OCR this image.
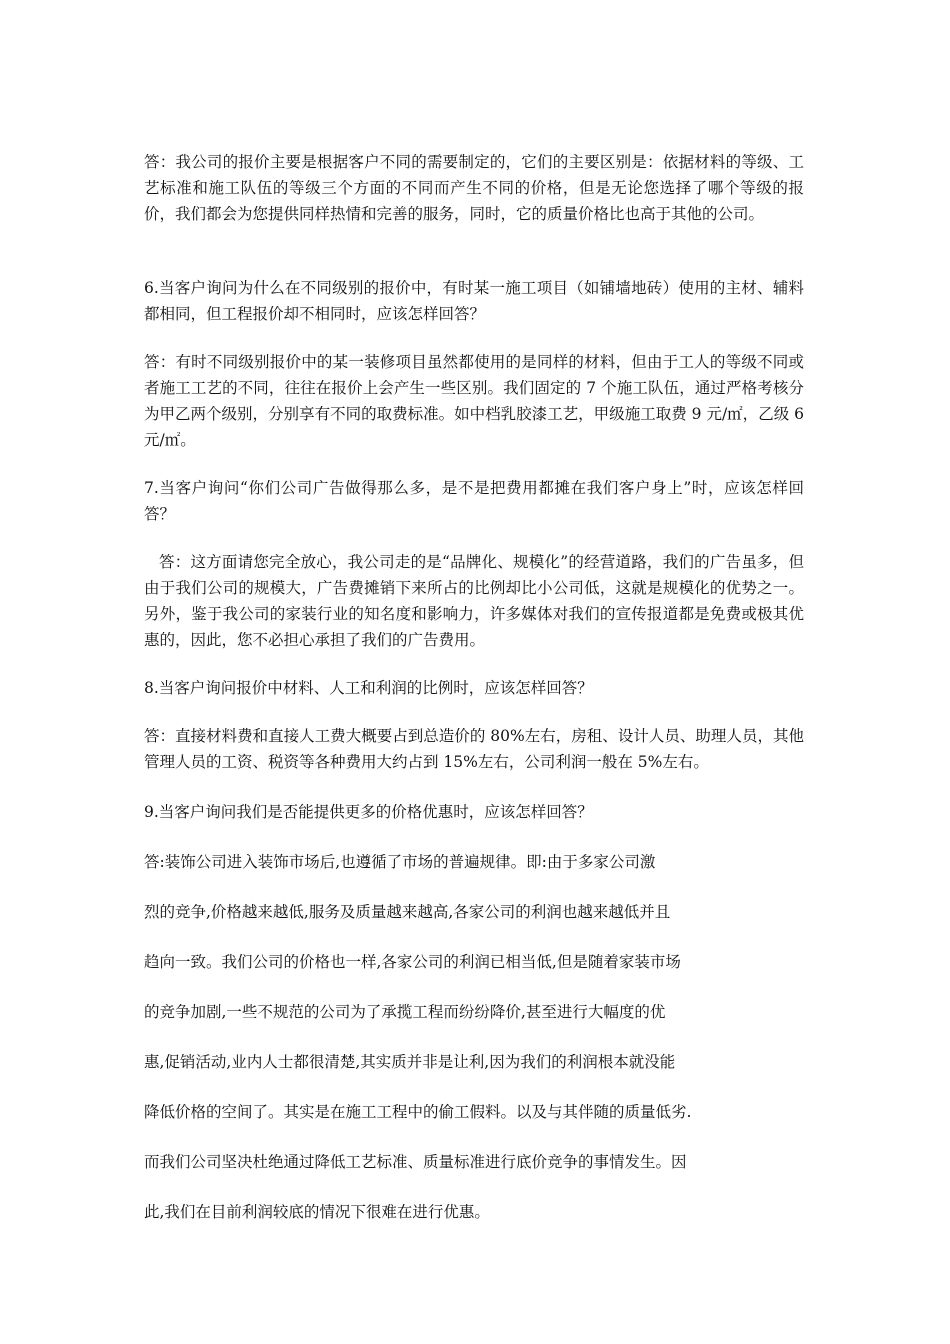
答：我公司的报价主要是根据客户不同的需要制定的，它们的主要区别是：依据材料的等级、工艺标准和施工队伍的等级三个方面的不同而产生不同的价格，但是无论您选择了哪个等级的报价，我们都会为您提供同样热情和完善的服务，同时，它的质量价格比也高于其他的公司。

6.当客户询问为什么在不同级别的报价中，有时某一施工项目（如铺墙地砖）使用的主材、辅料都相同，但工程报价却不相同时，应该怎样回答？

答：有时不同级别报价中的某一装修项目虽然都使用的是同样的材料，但由于工人的等级不同或者施工工艺的不同，往往在报价上会产生一些区别。我们固定的 7 个施工队伍，通过严格考核分为甲乙两个级别，分别享有不同的取费标准。如中档乳胶漆工艺，甲级施工取费 9 元/㎡，乙级 6 元/㎡。

7.当客户询问“你们公司广告做得那么多，是不是把费用都摊在我们客户身上”时，应该怎样回答？

答：这方面请您完全放心，我公司走的是“品牌化、规模化”的经营道路，我们的广告虽多，但由于我们公司的规模大，广告费摊销下来所占的比例却比小公司低，这就是规模化的优势之一。另外，鉴于我公司的家装行业的知名度和影响力，许多媒体对我们的宣传报道都是免费或极其优惠的，因此，您不必担心承担了我们的广告费用。

8.当客户询问报价中材料、人工和利润的比例时，应该怎样回答？

答：直接材料费和直接人工费大概要占到总造价的 80%左右，房租、设计人员、助理人员，其他管理人员的工资、税资等各种费用大约占到 15%左右，公司利润一般在 5%左右。

9.当客户询问我们是否能提供更多的价格优惠时，应该怎样回答？

答:装饰公司进入装饰市场后,也遵循了市场的普遍规律。即:由于多家公司激

烈的竞争,价格越来越低,服务及质量越来越高,各家公司的利润也越来越低并且

趋向一致。我们公司的价格也一样,各家公司的利润已相当低,但是随着家装市场

的竞争加剧,一些不规范的公司为了承揽工程而纷纷降价,甚至进行大幅度的优

惠,促销活动,业内人士都很清楚,其实质并非是让利,因为我们的利润根本就没能

降低价格的空间了。其实是在施工工程中的偷工假料。以及与其伴随的质量低劣.

而我们公司坚决杜绝通过降低工艺标准、质量标准进行底价竞争的事情发生。因

此,我们在目前利润较底的情况下很难在进行优惠。
